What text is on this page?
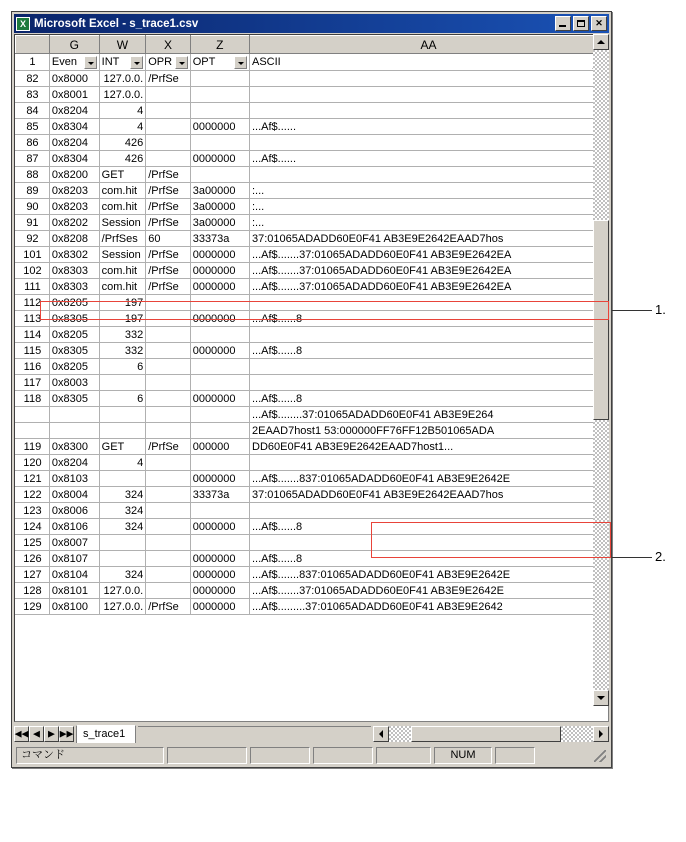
X Microsoft Excel - s_trace1.csv	✕
	G	W	X	Z	AA
1	Even	INT	OPR	OPT	ASCII

82	0x8000	127.0.0.	/PrfSe		
83	0x8001	127.0.0.			
84	0x8204	4			
85	0x8304	4		0000000	...Af$......
86	0x8204	426			
87	0x8304	426		0000000	...Af$......
88	0x8200	GET	/PrfSe		
89	0x8203	com.hit	/PrfSe	3a00000	:...
90	0x8203	com.hit	/PrfSe	3a00000	:...
91	0x8202	Session	/PrfSe	3a00000	:...
92	0x8208	/PrfSes	60	33373a	37:01065ADADD60E0F41 AB3E9E2642EAAD7hos
101	0x8302	Session	/PrfSe	0000000	...Af$.......37:01065ADADD60E0F41 AB3E9E2642EA
102	0x8303	com.hit	/PrfSe	0000000	...Af$.......37:01065ADADD60E0F41 AB3E9E2642EA
111	0x8303	com.hit	/PrfSe	0000000	...Af$.......37:01065ADADD60E0F41 AB3E9E2642EA
112	0x8205	197			
113	0x8305	197		0000000	...Af$......8
114	0x8205	332			
115	0x8305	332		0000000	...Af$......8
116	0x8205	6			
117	0x8003				
118	0x8305	6		0000000	...Af$......8
					...Af$........37:01065ADADD60E0F41 AB3E9E264
					2EAAD7host1 53:000000FF76FF12B501065ADA
119	0x8300	GET	/PrfSe	000000	DD60E0F41 AB3E9E2642EAAD7host1...
120	0x8204	4			
121	0x8103			0000000	...Af$.......837:01065ADADD60E0F41 AB3E9E2642E
122	0x8004	324		33373a	37:01065ADADD60E0F41 AB3E9E2642EAAD7hos
123	0x8006	324			
124	0x8106	324		0000000	...Af$......8
125	0x8007				
126	0x8107			0000000	...Af$......8
127	0x8104	324		0000000	...Af$.......837:01065ADADD60E0F41 AB3E9E2642E
128	0x8101	127.0.0.		0000000	...Af$.......37:01065ADADD60E0F41 AB3E9E2642E
129	0x8100	127.0.0.	/PrfSe	0000000	...Af$.........37:01065ADADD60E0F41 AB3E9E2642
◀◀ ◀ ▶ ▶▶ s_trace1
コマンド	NUM
1.
2.
